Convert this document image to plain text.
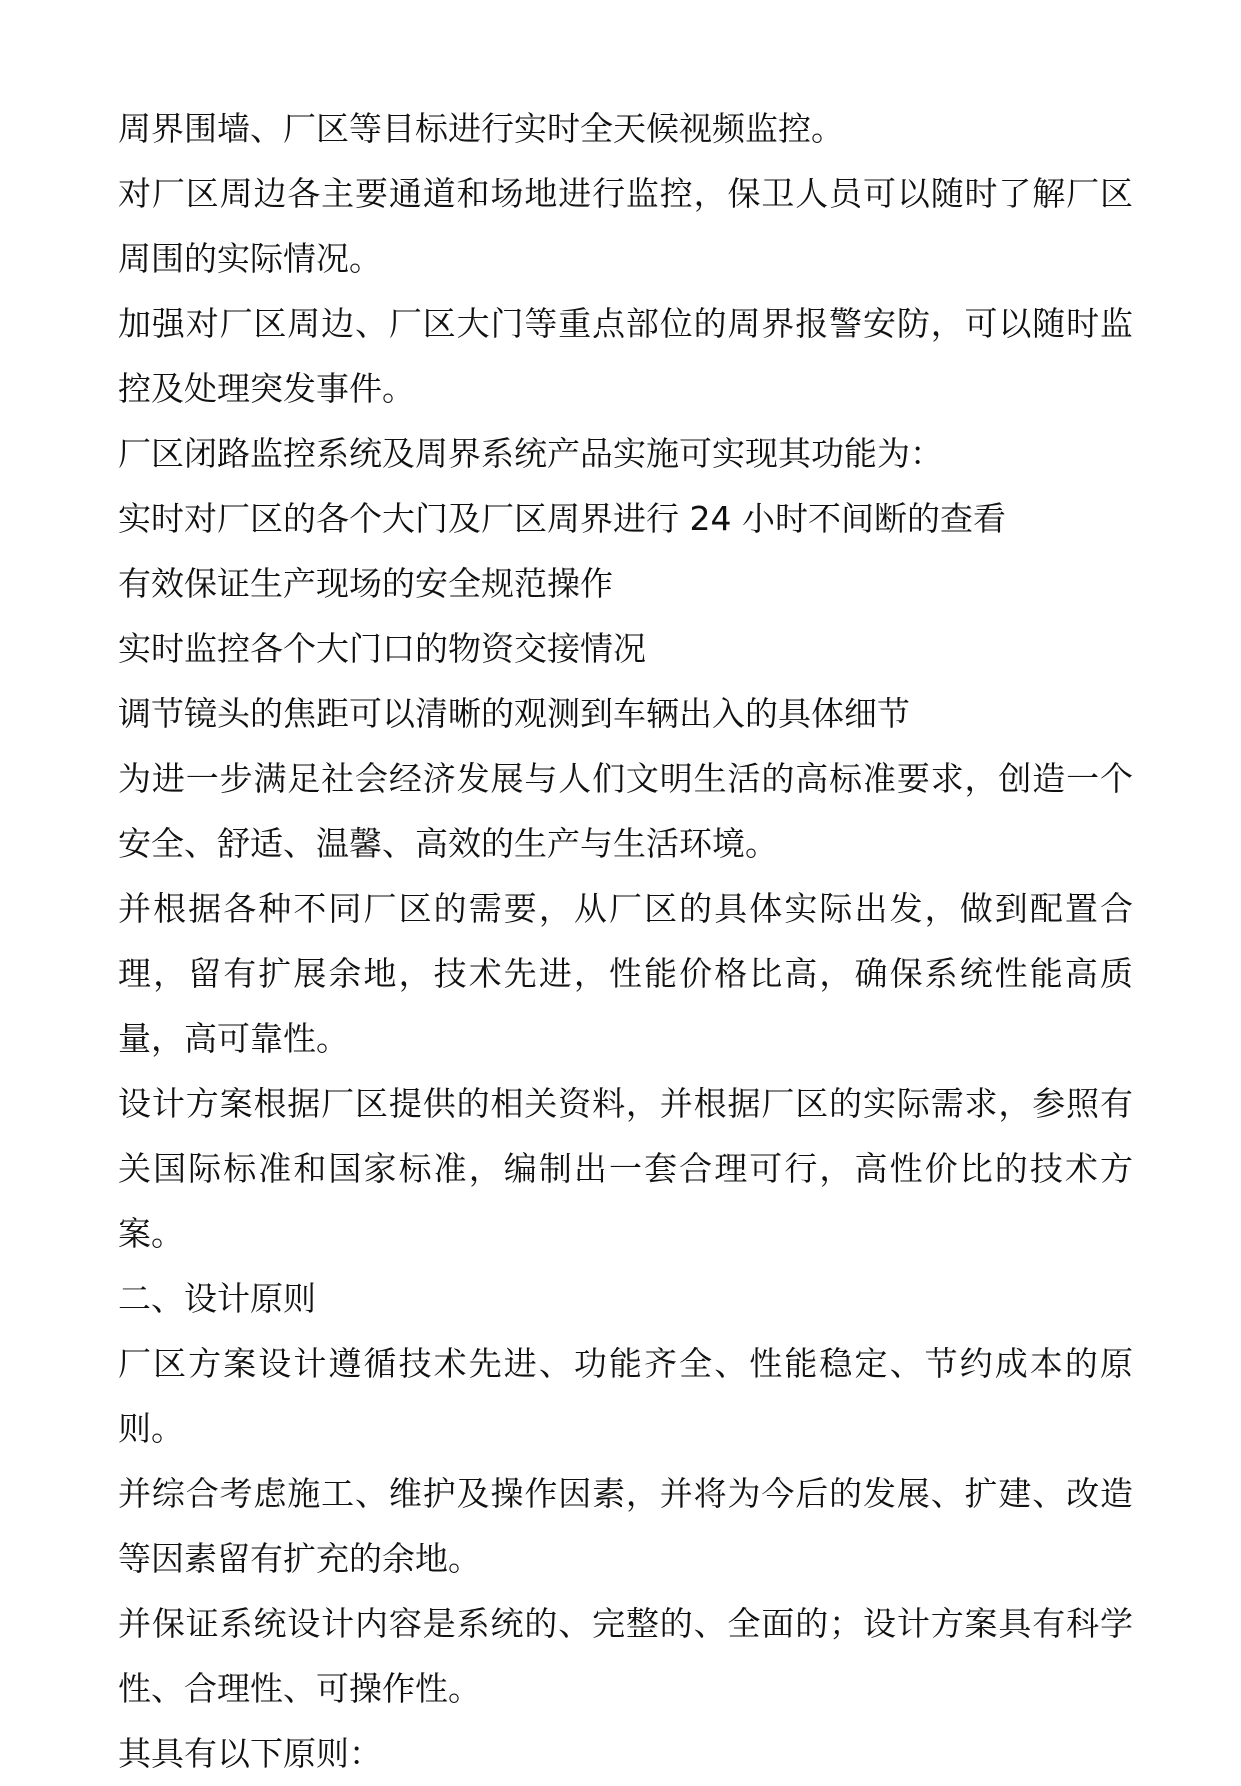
周界围墙、厂区等目标进行实时全天候视频监控。

对厂区周边各主要通道和场地进行监控，保卫人员可以随时了解厂区周围的实际情况。

加强对厂区周边、厂区大门等重点部位的周界报警安防，可以随时监控及处理突发事件。

厂区闭路监控系统及周界系统产品实施可实现其功能为：

实时对厂区的各个大门及厂区周界进行 24 小时不间断的查看

有效保证生产现场的安全规范操作

实时监控各个大门口的物资交接情况

调节镜头的焦距可以清晰的观测到车辆出入的具体细节

为进一步满足社会经济发展与人们文明生活的高标准要求，创造一个安全、舒适、温馨、高效的生产与生活环境。

并根据各种不同厂区的需要，从厂区的具体实际出发，做到配置合理，留有扩展余地，技术先进，性能价格比高，确保系统性能高质量，高可靠性。

设计方案根据厂区提供的相关资料，并根据厂区的实际需求，参照有关国际标准和国家标准，编制出一套合理可行，高性价比的技术方案。

二、设计原则

厂区方案设计遵循技术先进、功能齐全、性能稳定、节约成本的原则。

并综合考虑施工、维护及操作因素，并将为今后的发展、扩建、改造等因素留有扩充的余地。

并保证系统设计内容是系统的、完整的、全面的；设计方案具有科学性、合理性、可操作性。

其具有以下原则：
